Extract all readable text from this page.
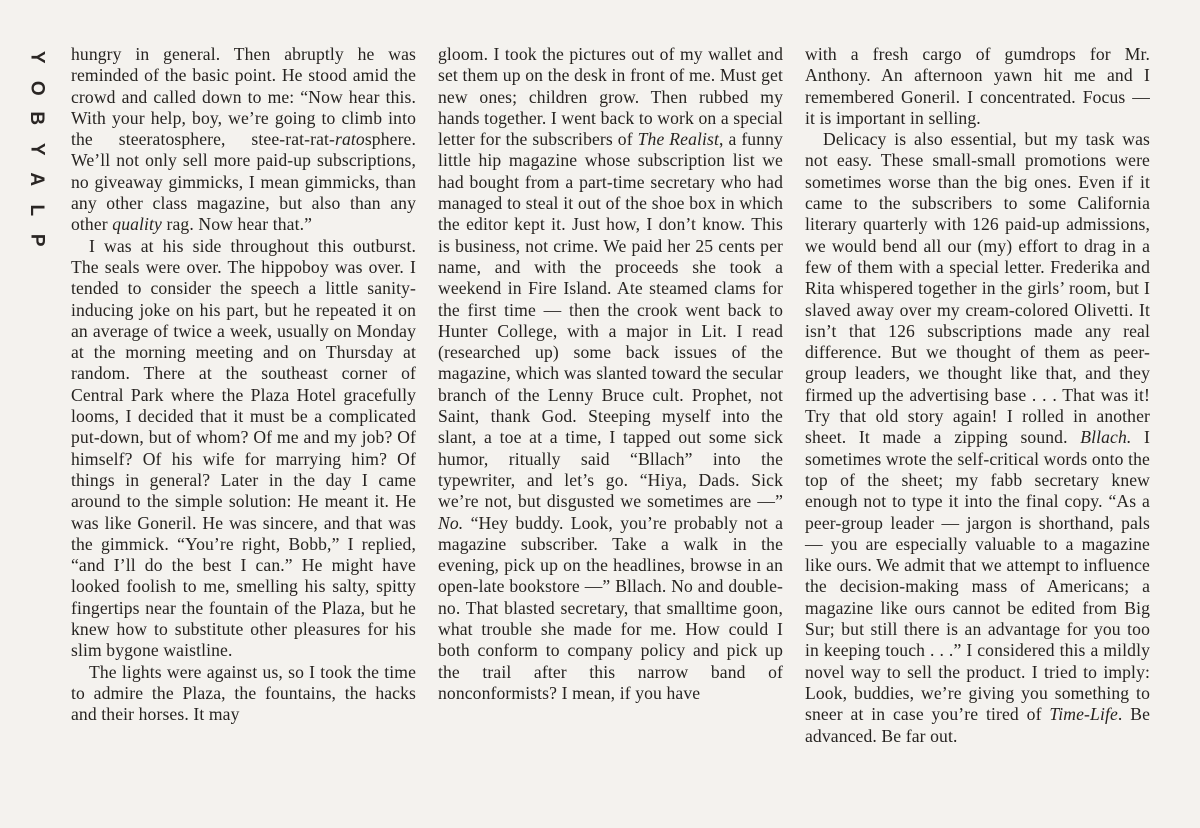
Y
O
B
Y
A
L
P

hungry in general. Then abruptly he was reminded of the basic point. He stood amid the crowd and called down to me: “Now hear this. With your help, boy, we’re going to climb into the steeratosphere, stee-rat-rat-ratosphere. We’ll not only sell more paid-up subscriptions, no giveaway gimmicks, I mean gimmicks, than any other class magazine, but also than any other quality rag. Now hear that.”

I was at his side throughout this outburst. The seals were over. The hippoboy was over. I tended to consider the speech a little sanity-inducing joke on his part, but he repeated it on an average of twice a week, usually on Monday at the morning meeting and on Thursday at random. There at the southeast corner of Central Park where the Plaza Hotel gracefully looms, I decided that it must be a complicated put-down, but of whom? Of me and my job? Of himself? Of his wife for marrying him? Of things in general? Later in the day I came around to the simple solution: He meant it. He was like Goneril. He was sincere, and that was the gimmick. “You’re right, Bobb,” I replied, “and I’ll do the best I can.” He might have looked foolish to me, smelling his salty, spitty fingertips near the fountain of the Plaza, but he knew how to substitute other pleasures for his slim bygone waistline.

The lights were against us, so I took the time to admire the Plaza, the fountains, the hacks and their horses. It may

gloom. I took the pictures out of my wallet and set them up on the desk in front of me. Must get new ones; children grow. Then rubbed my hands together. I went back to work on a special letter for the subscribers of The Realist, a funny little hip magazine whose subscription list we had bought from a part-time secretary who had managed to steal it out of the shoe box in which the editor kept it. Just how, I don’t know. This is business, not crime. We paid her 25 cents per name, and with the proceeds she took a weekend in Fire Island. Ate steamed clams for the first time — then the crook went back to Hunter College, with a major in Lit. I read (researched up) some back issues of the magazine, which was slanted toward the secular branch of the Lenny Bruce cult. Prophet, not Saint, thank God. Steeping myself into the slant, a toe at a time, I tapped out some sick humor, ritually said “Bllach” into the typewriter, and let’s go. “Hiya, Dads. Sick we’re not, but disgusted we sometimes are —” No. “Hey buddy. Look, you’re probably not a magazine subscriber. Take a walk in the evening, pick up on the headlines, browse in an open-late bookstore —” Bllach. No and double-no. That blasted secretary, that smalltime goon, what trouble she made for me. How could I both conform to company policy and pick up the trail after this narrow band of nonconformists? I mean, if you have

with a fresh cargo of gumdrops for Mr. Anthony. An afternoon yawn hit me and I remembered Goneril. I concentrated. Focus — it is important in selling.

Delicacy is also essential, but my task was not easy. These small-small promotions were sometimes worse than the big ones. Even if it came to the subscribers to some California literary quarterly with 126 paid-up admissions, we would bend all our (my) effort to drag in a few of them with a special letter. Frederika and Rita whispered together in the girls’ room, but I slaved away over my cream-colored Olivetti. It isn’t that 126 subscriptions made any real difference. But we thought of them as peer-group leaders, we thought like that, and they firmed up the advertising base . . . That was it! Try that old story again! I rolled in another sheet. It made a zipping sound. Bllach. I sometimes wrote the self-critical words onto the top of the sheet; my fabb secretary knew enough not to type it into the final copy. “As a peer-group leader — jargon is shorthand, pals — you are especially valuable to a magazine like ours. We admit that we attempt to influence the decision-making mass of Americans; a magazine like ours cannot be edited from Big Sur; but still there is an advantage for you too in keeping touch . . .” I considered this a mildly novel way to sell the product. I tried to imply: Look, buddies, we’re giving you something to sneer at in case you’re tired of Time-Life. Be advanced. Be far out.
